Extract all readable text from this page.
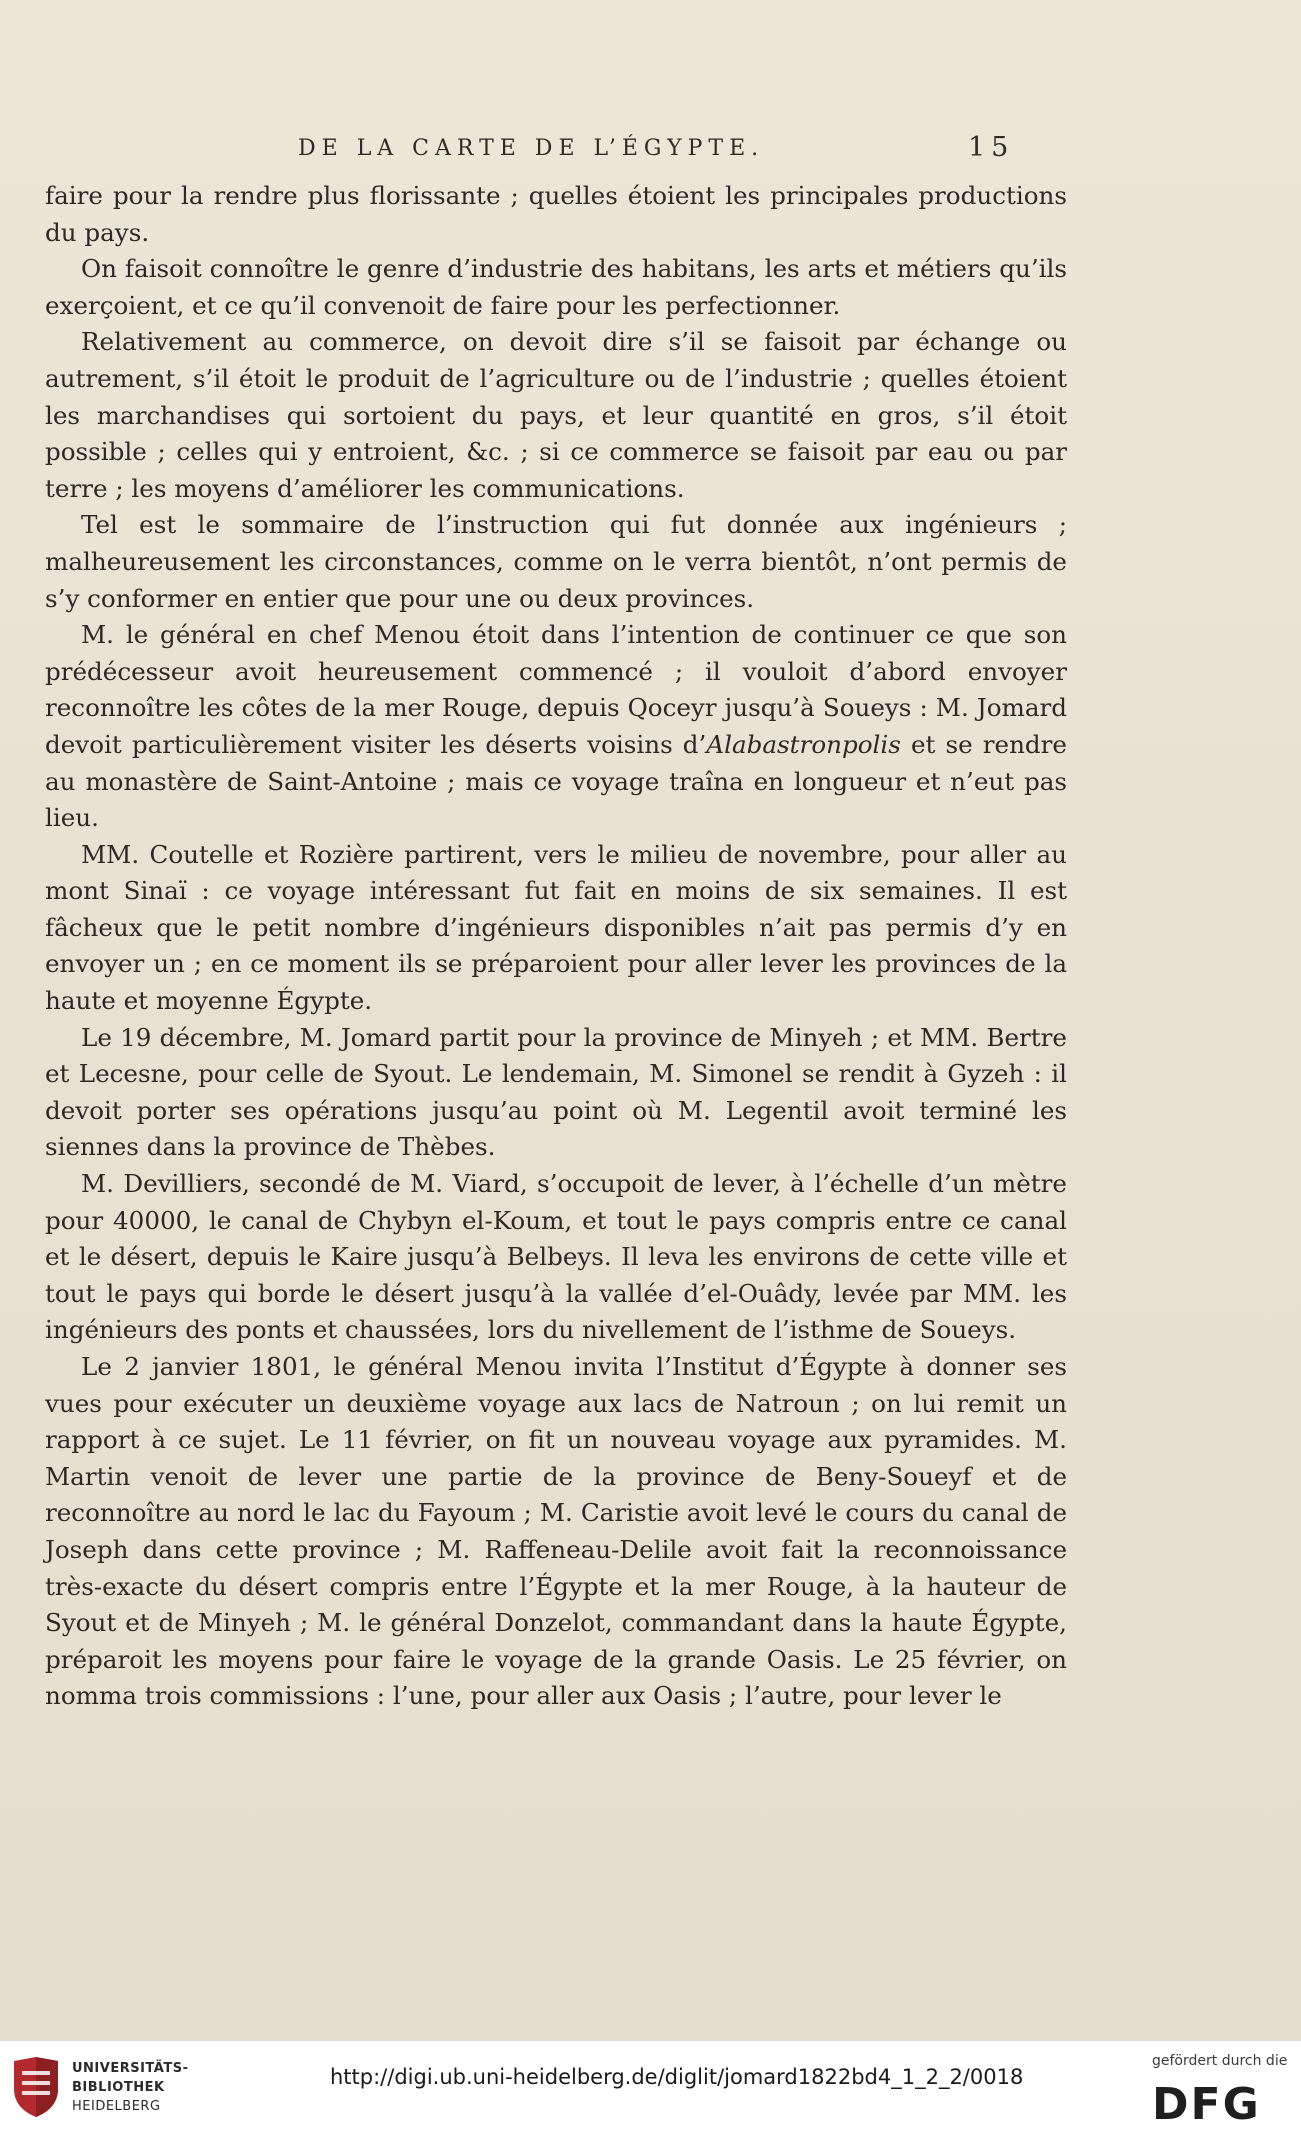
DE LA CARTE DE L’ÉGYPTE.	15

faire pour la rendre plus florissante ; quelles étoient les principales productions du pays.

On faisoit connoître le genre d’industrie des habitans, les arts et métiers qu’ils exerçoient, et ce qu’il convenoit de faire pour les perfectionner.

Relativement au commerce, on devoit dire s’il se faisoit par échange ou autrement, s’il étoit le produit de l’agriculture ou de l’industrie ; quelles étoient les marchandises qui sortoient du pays, et leur quantité en gros, s’il étoit possible ; celles qui y entroient, &c. ; si ce commerce se faisoit par eau ou par terre ; les moyens d’améliorer les communications.

Tel est le sommaire de l’instruction qui fut donnée aux ingénieurs ; malheureusement les circonstances, comme on le verra bientôt, n’ont permis de s’y conformer en entier que pour une ou deux provinces.

M. le général en chef Menou étoit dans l’intention de continuer ce que son prédécesseur avoit heureusement commencé ; il vouloit d’abord envoyer reconnoître les côtes de la mer Rouge, depuis Qoceyr jusqu’à Soueys : M. Jomard devoit particulièrement visiter les déserts voisins d’Alabastronpolis et se rendre au monastère de Saint-Antoine ; mais ce voyage traîna en longueur et n’eut pas lieu.

MM. Coutelle et Rozière partirent, vers le milieu de novembre, pour aller au mont Sinaï : ce voyage intéressant fut fait en moins de six semaines. Il est fâcheux que le petit nombre d’ingénieurs disponibles n’ait pas permis d’y en envoyer un ; en ce moment ils se préparoient pour aller lever les provinces de la haute et moyenne Égypte.

Le 19 décembre, M. Jomard partit pour la province de Minyeh ; et MM. Bertre et Lecesne, pour celle de Syout. Le lendemain, M. Simonel se rendit à Gyzeh : il devoit porter ses opérations jusqu’au point où M. Legentil avoit terminé les siennes dans la province de Thèbes.

M. Devilliers, secondé de M. Viard, s’occupoit de lever, à l’échelle d’un mètre pour 40000, le canal de Chybyn el-Koum, et tout le pays compris entre ce canal et le désert, depuis le Kaire jusqu’à Belbeys. Il leva les environs de cette ville et tout le pays qui borde le désert jusqu’à la vallée d’el-Ouâdy, levée par MM. les ingénieurs des ponts et chaussées, lors du nivellement de l’isthme de Soueys.

Le 2 janvier 1801, le général Menou invita l’Institut d’Égypte à donner ses vues pour exécuter un deuxième voyage aux lacs de Natroun ; on lui remit un rapport à ce sujet. Le 11 février, on fit un nouveau voyage aux pyramides. M. Martin venoit de lever une partie de la province de Beny-Soueyf et de reconnoître au nord le lac du Fayoum ; M. Caristie avoit levé le cours du canal de Joseph dans cette province ; M. Raffeneau-Delile avoit fait la reconnoissance très-exacte du désert compris entre l’Égypte et la mer Rouge, à la hauteur de Syout et de Minyeh ; M. le général Donzelot, commandant dans la haute Égypte, préparoit les moyens pour faire le voyage de la grande Oasis. Le 25 février, on nomma trois commissions : l’une, pour aller aux Oasis ; l’autre, pour lever le

UNIVERSITÄTS-
BIBLIOTHEK
HEIDELBERG
http://digi.ub.uni-heidelberg.de/diglit/jomard1822bd4_1_2_2/0018
gefördert durch die
DFG
